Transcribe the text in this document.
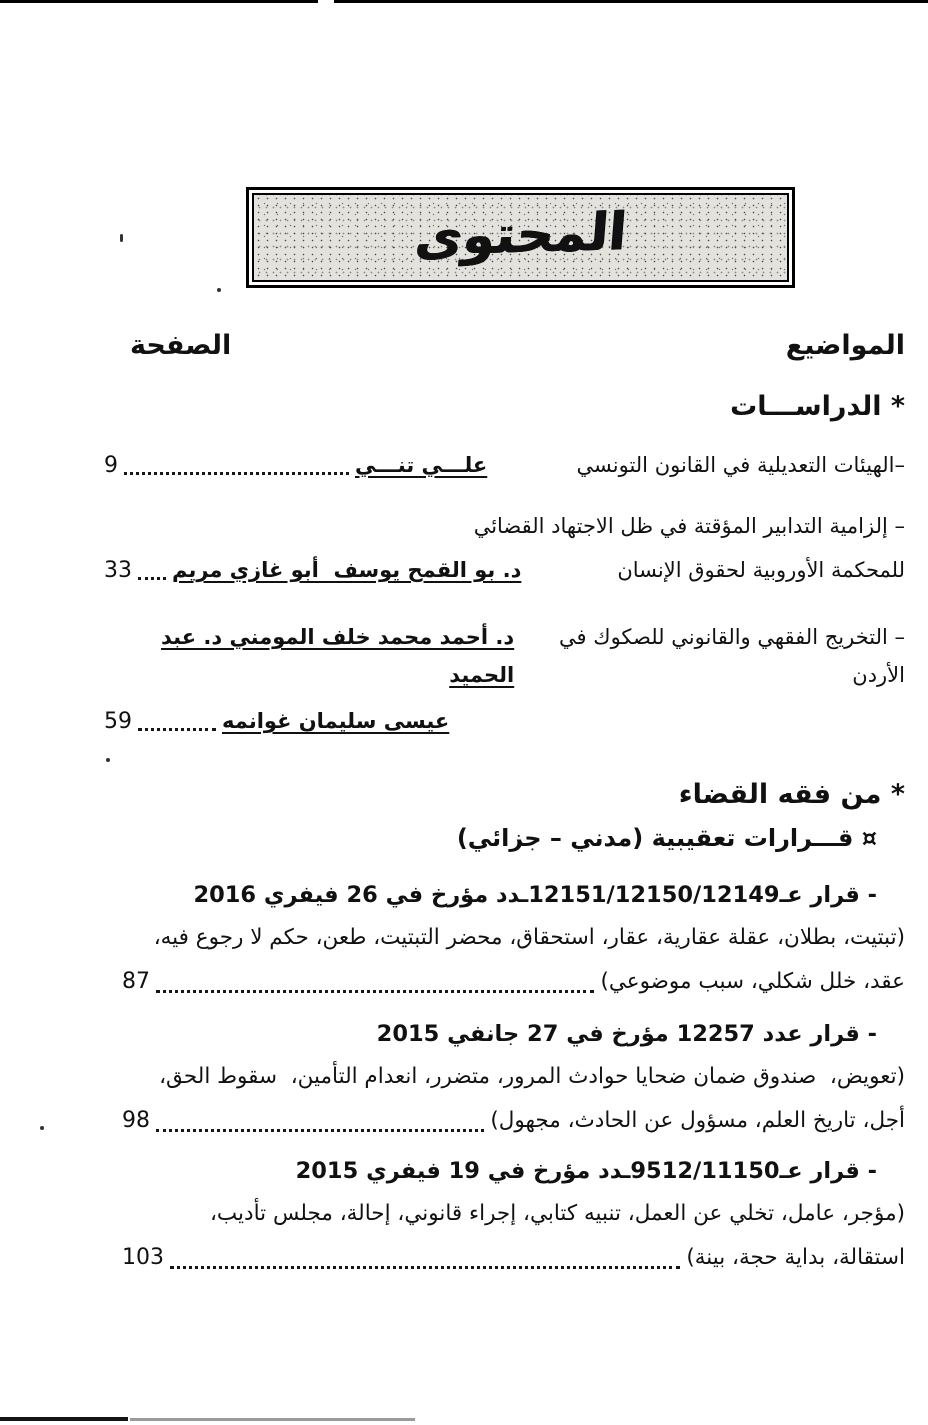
المحتوى
المواضيع
الصفحة
* الدراســـات
–الهيئات التعديلية في القانون التونسي
علـــي تنـــي
9
– إلزامية التدابير المؤقتة في ظل الاجتهاد القضائي
للمحكمة الأوروبية لحقوق الإنسان
د. بو القمح يوسف  أبو غازي مريم
33
– التخريج الفقهي والقانوني للصكوك في الأردن
د. أحمد محمد خلف المومني د. عبد الحميد
عيسى سليمان غوانمه
59
* من فقه القضاء
¤ قـــرارات تعقيبية (مدني – جزائي)
- قرار عـ12151/12150/12149ـدد مؤرخ في 26 فيفري 2016
(تبتيت، بطلان، عقلة عقارية، عقار، استحقاق، محضر التبتيت، طعن، حكم لا رجوع فيه،
عقد، خلل شكلي، سبب موضوعي)
87
- قرار عدد 12257 مؤرخ في 27 جانفي 2015
(تعويض،  صندوق ضمان ضحايا حوادث المرور، متضرر، انعدام التأمين،  سقوط الحق،
أجل، تاريخ العلم، مسؤول عن الحادث، مجهول)
98
- قرار عـ9512/11150ـدد مؤرخ في 19 فيفري 2015
(مؤجر، عامل، تخلي عن العمل، تنبيه كتابي، إجراء قانوني، إحالة، مجلس تأديب،
استقالة، بداية حجة، بينة)
103
